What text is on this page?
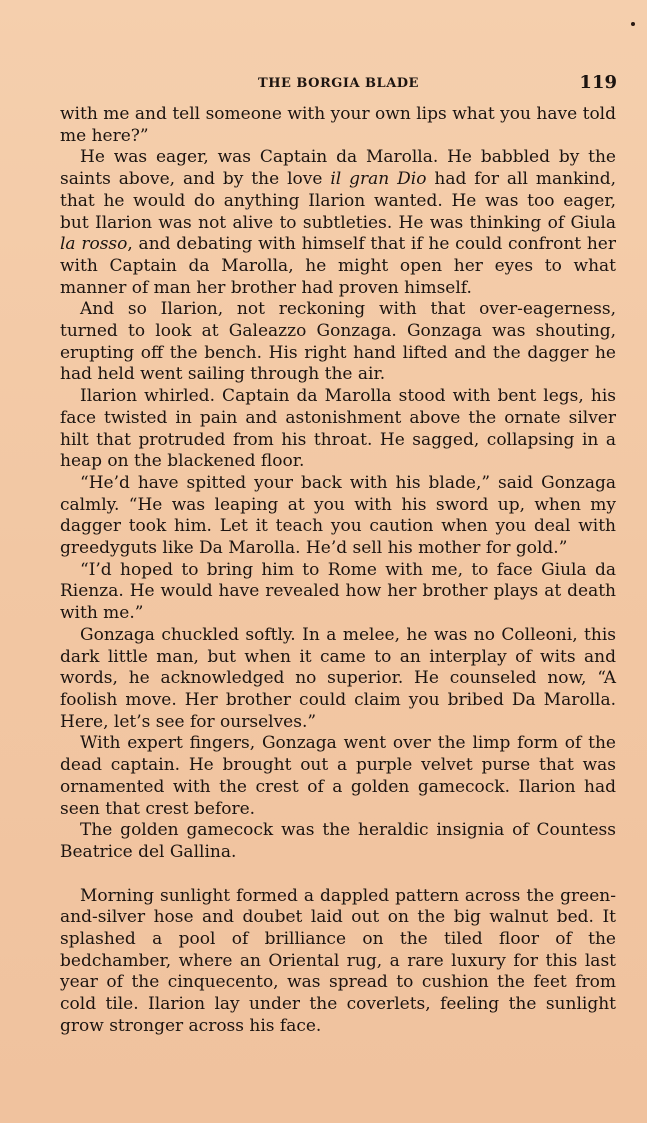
THE BORGIA BLADE	119

with me and tell someone with your own lips what you have told me here?”

He was eager, was Captain da Marolla. He babbled by the saints above, and by the love il gran Dio had for all mankind, that he would do anything Ilarion wanted. He was too eager, but Ilarion was not alive to subtleties. He was thinking of Giula la rosso, and debating with himself that if he could confront her with Captain da Marolla, he might open her eyes to what manner of man her brother had proven himself.

And so Ilarion, not reckoning with that over-eagerness, turned to look at Galeazzo Gonzaga. Gonzaga was shouting, erupting off the bench. His right hand lifted and the dagger he had held went sailing through the air.

Ilarion whirled. Captain da Marolla stood with bent legs, his face twisted in pain and astonishment above the ornate silver hilt that protruded from his throat. He sagged, collapsing in a heap on the blackened floor.

“He’d have spitted your back with his blade,” said Gonzaga calmly. “He was leaping at you with his sword up, when my dagger took him. Let it teach you caution when you deal with greedyguts like Da Marolla. He’d sell his mother for gold.”

“I’d hoped to bring him to Rome with me, to face Giula da Rienza. He would have revealed how her brother plays at death with me.”

Gonzaga chuckled softly. In a melee, he was no Colleoni, this dark little man, but when it came to an interplay of wits and words, he acknowledged no superior. He counseled now, “A foolish move. Her brother could claim you bribed Da Marolla. Here, let’s see for ourselves.”

With expert fingers, Gonzaga went over the limp form of the dead captain. He brought out a purple velvet purse that was ornamented with the crest of a golden gamecock. Ilarion had seen that crest before.

The golden gamecock was the heraldic insignia of Countess Beatrice del Gallina.

Morning sunlight formed a dappled pattern across the green-and-silver hose and doubet laid out on the big walnut bed. It splashed a pool of brilliance on the tiled floor of the bedchamber, where an Oriental rug, a rare luxury for this last year of the cinquecento, was spread to cushion the feet from cold tile. Ilarion lay under the coverlets, feeling the sunlight grow stronger across his face.
